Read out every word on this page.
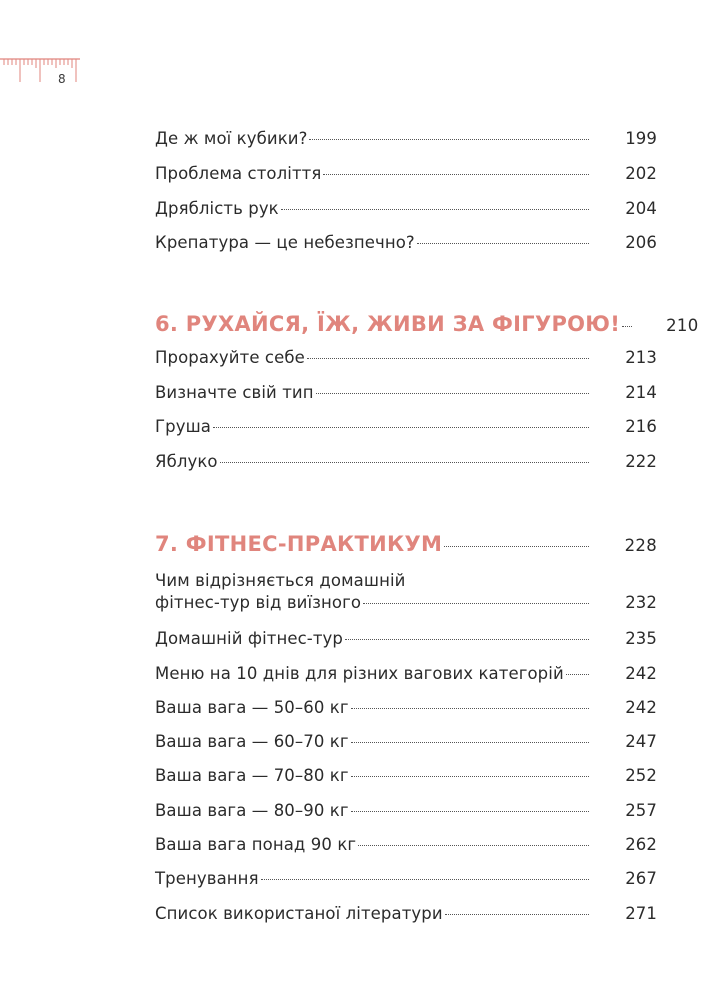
8
Де ж мої кубики?	199
Проблема століття	202
Дряблість рук	204
Крепатура — це небезпечно?	206
6. РУХАЙСЯ, ЇЖ, ЖИВИ ЗА ФІГУРОЮ!	210
Прорахуйте себе	213
Визначте свій тип	214
Груша	216
Яблуко	222
7. ФІТНЕС-ПРАКТИКУМ	228
Чим відрізняється домашній
фітнес-тур від виїзного	232
Домашній фітнес-тур	235
Меню на 10 днів для різних вагових категорій	242
Ваша вага — 50–60 кг	242
Ваша вага — 60–70 кг	247
Ваша вага — 70–80 кг	252
Ваша вага — 80–90 кг	257
Ваша вага понад 90 кг	262
Тренування	267
Список використаної літератури	271
